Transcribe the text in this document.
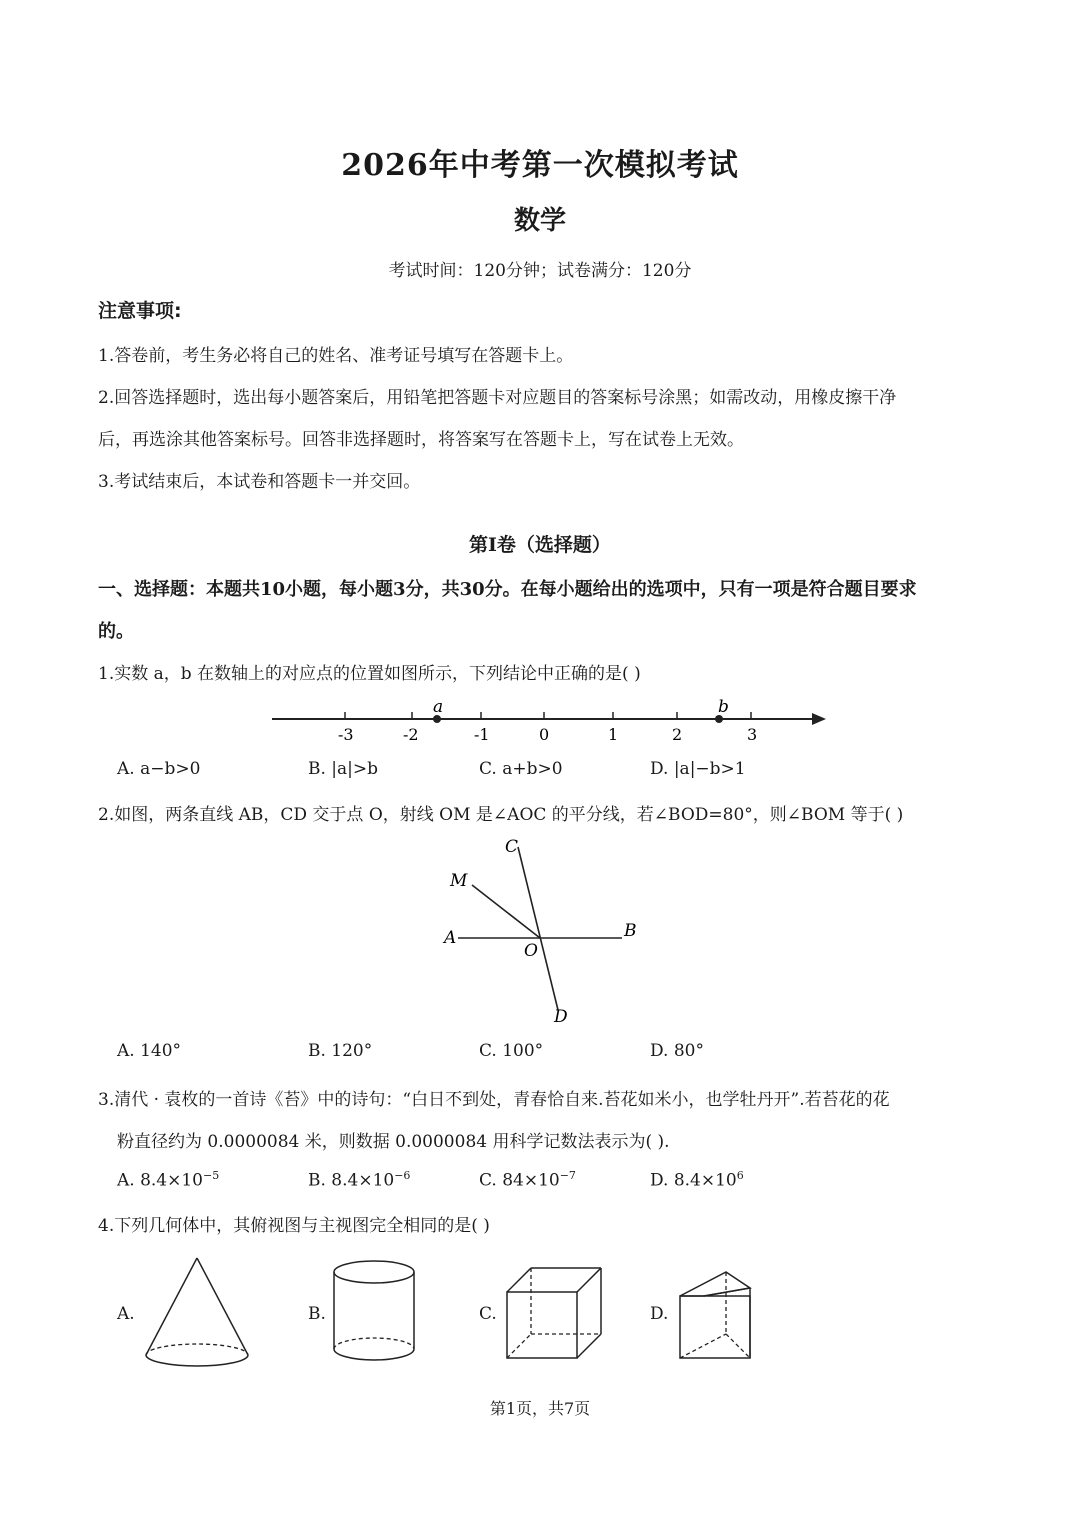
2026年中考第一次模拟考试
数学
考试时间：120分钟；试卷满分：120分
注意事项:
1.答卷前，考生务必将自己的姓名、准考证号填写在答题卡上。
2.回答选择题时，选出每小题答案后，用铅笔把答题卡对应题目的答案标号涂黑；如需改动，用橡皮擦干净
后，再选涂其他答案标号。回答非选择题时，将答案写在答题卡上，写在试卷上无效。
3.考试结束后，本试卷和答题卡一并交回。
第I卷（选择题）
一、选择题：本题共10小题，每小题3分，共30分。在每小题给出的选项中，只有一项是符合题目要求
的。
1.实数 a，b 在数轴上的对应点的位置如图所示，下列结论中正确的是( )
-3	-2	-1	0	1	2	3
a	b
A. a−b>0	B. |a|>b	C. a+b>0	D. |a|−b>1
2.如图，两条直线 AB，CD 交于点 O，射线 OM 是∠AOC 的平分线，若∠BOD=80°，则∠BOM 等于( )
A	B
C
D
M
O
A. 140°	B. 120°	C. 100°	D. 80°
3.清代 · 袁枚的一首诗《苔》中的诗句：“白日不到处，青春恰自来.苔花如米小，也学牡丹开”.若苔花的花
粉直径约为 0.0000084 米，则数据 0.0000084 用科学记数法表示为( ).
A. $8.4\times 10^{-5}$	B. $8.4\times 10^{-6}$	C. $84\times 10^{-7}$	D. $8.4\times 10^6$
4.下列几何体中，其俯视图与主视图完全相同的是( )
A.	B.	C.	D.
第1页，共7页
